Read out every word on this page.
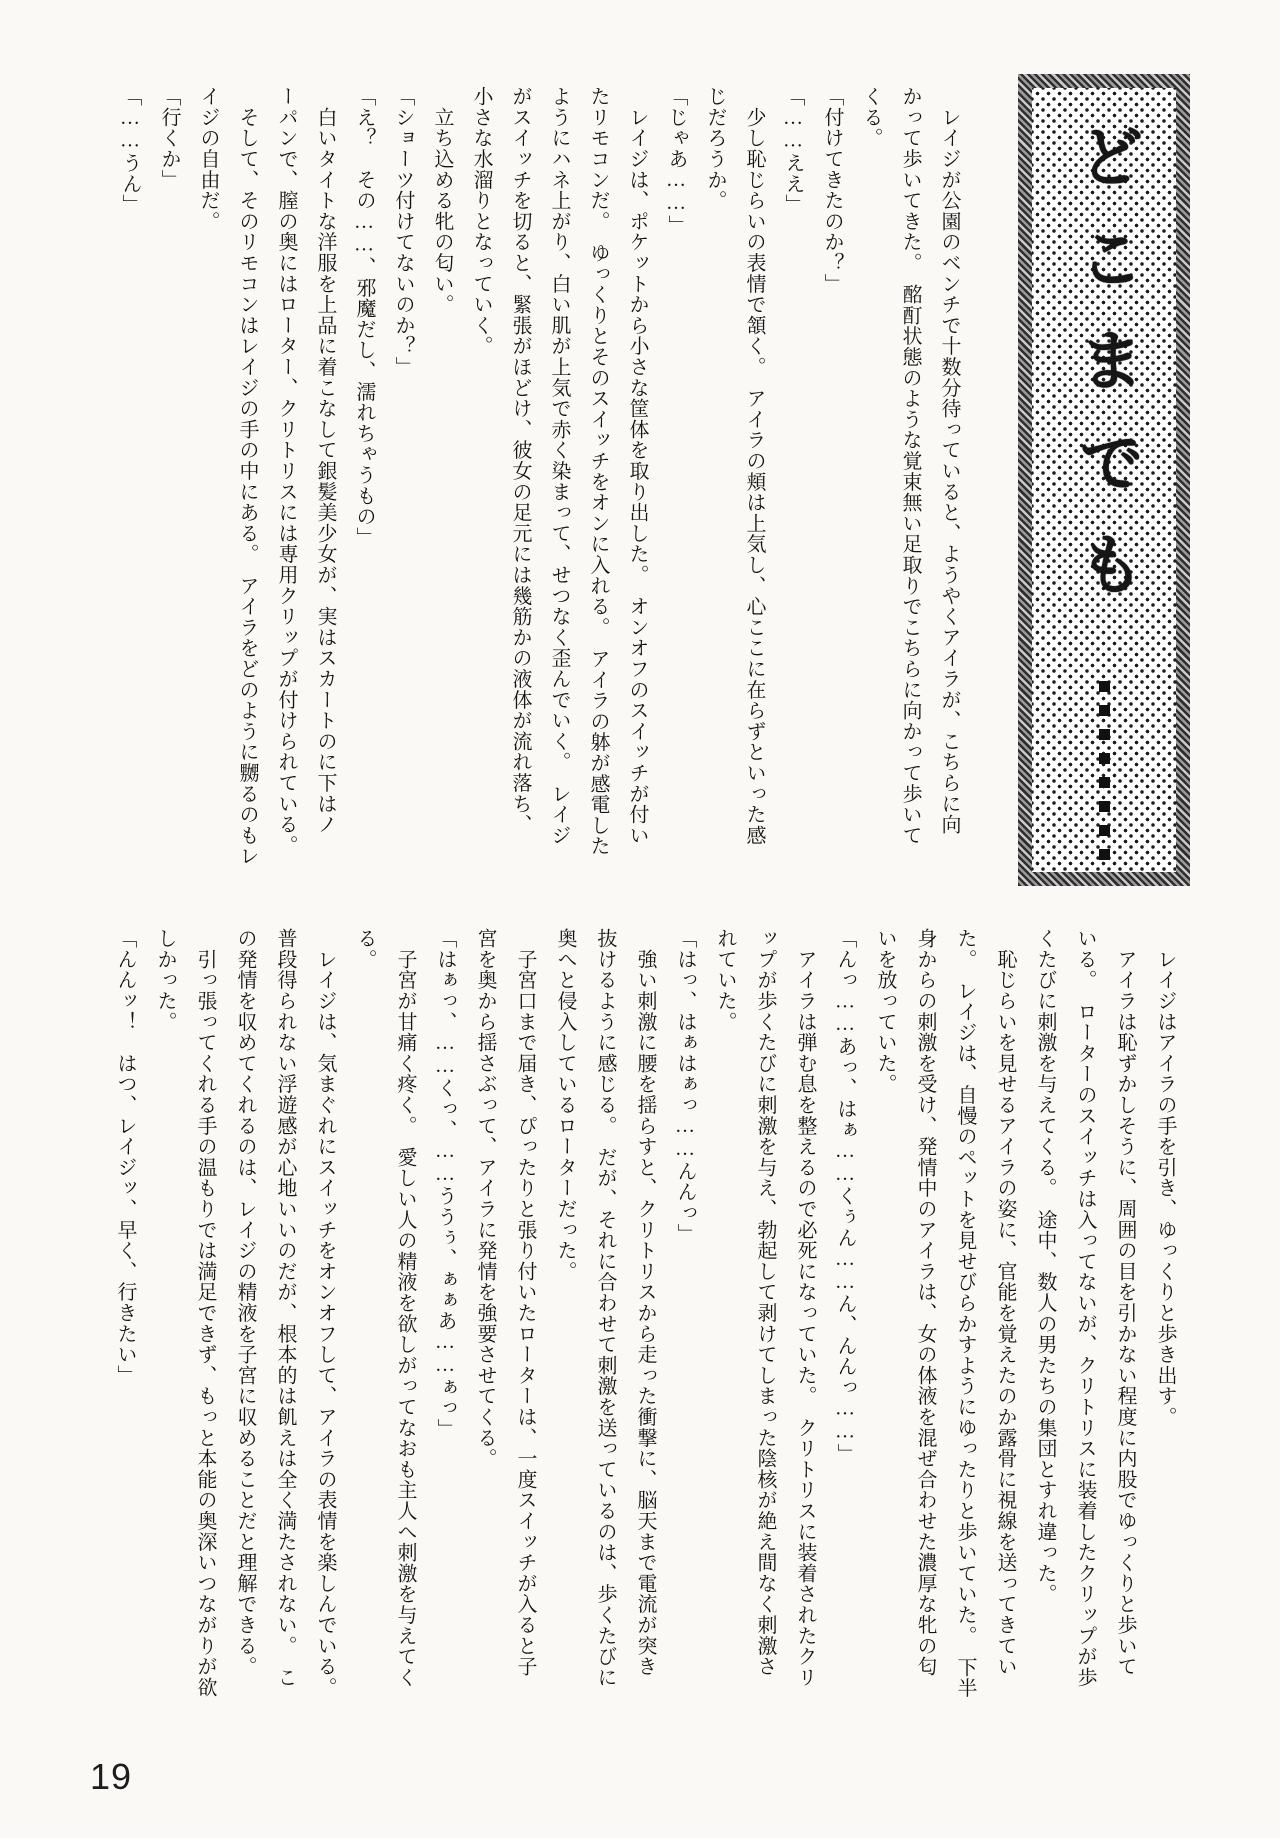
どこまでも
　レイジが公園のベンチで十数分待っていると、ようやくアイラが、こちらに向
かって歩いてきた。　酩酊状態のような覚束無い足取りでこちらに向かって歩いて
くる。
「付けてきたのか？」
「……ええ」
　少し恥じらいの表情で頷く。　アイラの頬は上気し、心ここに在らずといった感
じだろうか。
「じゃあ……」
　レイジは、ポケットから小さな筐体を取り出した。　オンオフのスイッチが付い
たリモコンだ。　ゆっくりとそのスイッチをオンに入れる。　アイラの躰が感電した
ようにハネ上がり、白い肌が上気で赤く染まって、せつなく歪んでいく。　レイジ
がスイッチを切ると、緊張がほどけ、彼女の足元には幾筋かの液体が流れ落ち、
小さな水溜りとなっていく。
　立ち込める牝の匂い。
「ショーツ付けてないのか？」
「え？　その……、邪魔だし、濡れちゃうもの」
　白いタイトな洋服を上品に着こなして銀髪美少女が、実はスカートのに下はノ
ーパンで、膣の奥にはローター、クリトリスには専用クリップが付けられている。
　そして、そのリモコンはレイジの手の中にある。　アイラをどのように嬲るのもレ
イジの自由だ。
「行くか」
「……うん」
　レイジはアイラの手を引き、ゆっくりと歩き出す。
　アイラは恥ずかしそうに、周囲の目を引かない程度に内股でゆっくりと歩いて
いる。　ローターのスイッチは入ってないが、クリトリスに装着したクリップが歩
くたびに刺激を与えてくる。　途中、数人の男たちの集団とすれ違った。
　恥じらいを見せるアイラの姿に、官能を覚えたのか露骨に視線を送ってきてい
た。　レイジは、自慢のペットを見せびらかすようにゆったりと歩いていた。　下半
身からの刺激を受け、発情中のアイラは、女の体液を混ぜ合わせた濃厚な牝の匂
いを放っていた。
「んっ……あっ、はぁ……くぅん……ん、んんっ……」
　アイラは弾む息を整えるので必死になっていた。　クリトリスに装着されたクリ
ップが歩くたびに刺激を与え、勃起して剥けてしまった陰核が絶え間なく刺激さ
れていた。
「はっ、はぁはぁっ……んんっ」
　強い刺激に腰を揺らすと、クリトリスから走った衝撃に、脳天まで電流が突き
抜けるように感じる。　だが、それに合わせて刺激を送っているのは、歩くたびに
奥へと侵入しているローターだった。
　子宮口まで届き、ぴったりと張り付いたローターは、一度スイッチが入ると子
宮を奥から揺さぶって、アイラに発情を強要させてくる。
「はぁっ、……くっ、……ううぅ、ぁぁあ……ぁっ」
　子宮が甘痛く疼く。　愛しい人の精液を欲しがってなおも主人へ刺激を与えてく
る。
　レイジは、気まぐれにスイッチをオンオフして、アイラの表情を楽しんでいる。
普段得られない浮遊感が心地いいのだが、根本的は飢えは全く満たされない。　こ
の発情を収めてくれるのは、レイジの精液を子宮に収めることだと理解できる。
　引っ張ってくれる手の温もりでは満足できず、もっと本能の奥深いつながりが欲
しかった。
「んんッ！　はつ、レイジッ、早く、行きたい」
19
